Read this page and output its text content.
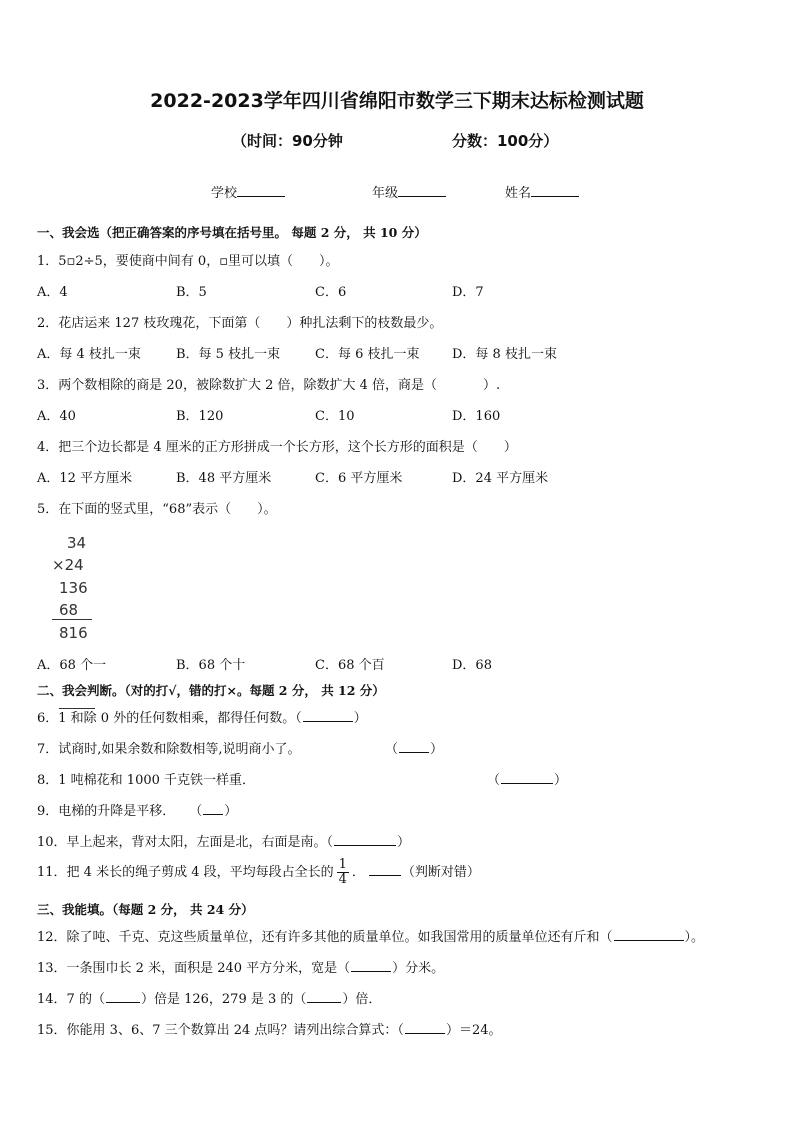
2022-2023学年四川省绵阳市数学三下期末达标检测试题
（时间：90分钟	分数：100分）
学校	年级	姓名
一、我会选（把正确答案的序号填在括号里。 每题 2 分， 共 10 分）
1．5▫2÷5，要使商中间有 0，▫里可以填（ ）。
A．4	B．5	C．6	D．7
2．花店运来 127 枝玫瑰花，下面第（ ）种扎法剩下的枝数最少。
A．每 4 枝扎一束	B．每 5 枝扎一束	C．每 6 枝扎一束	D．每 8 枝扎一束
3．两个数相除的商是 20，被除数扩大 2 倍，除数扩大 4 倍，商是（	）.
A．40	B．120	C．10	D．160
4．把三个边长都是 4 厘米的正方形拼成一个长方形，这个长方形的面积是（ ）
A．12 平方厘米	B．48 平方厘米	C．6 平方厘米	D．24 平方厘米
5．在下面的竖式里，“68”表示（ ）。
34
×24
136
68
816
A．68 个一	B．68 个十	C．68 个百	D．68
二、我会判断。（对的打√，错的打×。每题 2 分， 共 12 分）
6．1 和除 0 外的任何数相乘，都得任何数。（	）
7．试商时,如果余数和除数相等,说明商小了。	（ ）
8．1 吨棉花和 1000 千克铁一样重．	（	）
9．电梯的升降是平移． （ ）
10．早上起来，背对太阳，左面是北，右面是南。（	）
11．把 4 米长的绳子剪成 4 段，平均每段占全长的 $\frac{1}{4}$ ．	（判断对错）
三、我能填。（每题 2 分， 共 24 分）
12．除了吨、千克、克这些质量单位，还有许多其他的质量单位。如我国常用的质量单位还有斤和（	）。
13．一条围巾长 2 米，面积是 240 平方分米，宽是（	）分米。
14．7 的（	）倍是 126，279 是 3 的（	）倍．
15．你能用 3、6、7 三个数算出 24 点吗？请列出综合算式：（	）＝24。
